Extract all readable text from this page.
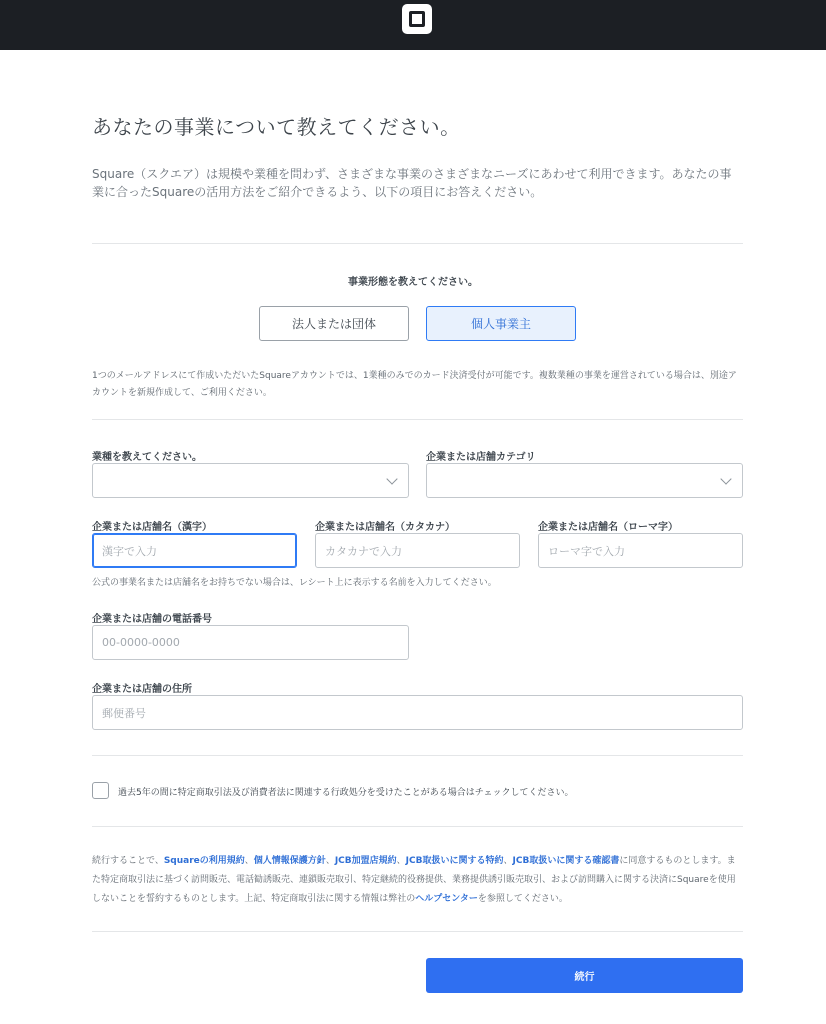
あなたの事業について教えてください。

Square（スクエア）は規模や業種を問わず、さまざまな事業のさまざまなニーズにあわせて利用できます。あなたの事業に合ったSquareの活用方法をご紹介できるよう、以下の項目にお答えください。

事業形態を教えてください。
法人または団体	個人事業主

1つのメールアドレスにて作成いただいたSquareアカウントでは、1業種のみでのカード決済受付が可能です。複数業種の事業を運営されている場合は、別途アカウントを新規作成して、ご利用ください。

業種を教えてください。	企業または店舗カテゴリ
企業または店舗名（漢字）
漢字で入力
企業または店舗名（カタカナ）
カタカナで入力
企業または店舗名（ローマ字）
ローマ字で入力
公式の事業名または店舗名をお持ちでない場合は、レシート上に表示する名前を入力してください。
企業または店舗の電話番号
00-0000-0000
企業または店舗の住所
郵便番号
過去5年の間に特定商取引法及び消費者法に関連する行政処分を受けたことがある場合はチェックしてください。

続行することで、Squareの利用規約、個人情報保護方針、JCB加盟店規約、JCB取扱いに関する特約、JCB取扱いに関する確認書に同意するものとします。また特定商取引法に基づく訪問販売、電話勧誘販売、連鎖販売取引、特定継続的役務提供、業務提供誘引販売取引、および訪問購入に関する決済にSquareを使用しないことを誓約するものとします。上記、特定商取引法に関する情報は弊社のヘルプセンターを参照してください。

続行
